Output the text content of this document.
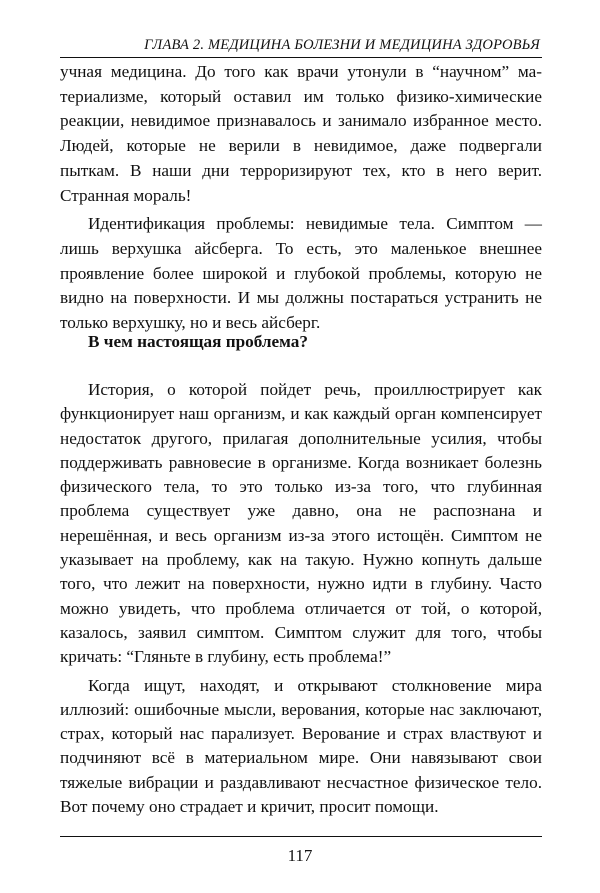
ГЛАВА 2. МЕДИЦИНА БОЛЕЗНИ И МЕДИЦИНА ЗДОРОВЬЯ

учная медицина. До того как врачи утонули в “научном” материализме, который оставил им только физико-химические реакции, невидимое признавалось и занимало избранное место. Людей, которые не верили в невидимое, даже подвергали пыткам. В наши дни терроризируют тех, кто в него верит. Странная мораль!

Идентификация проблемы: невидимые тела. Симптом — лишь верхушка айсберга. То есть, это маленькое внешнее проявление более широкой и глубокой проблемы, которую не видно на поверхности. И мы должны постараться устранить не только верхушку, но и весь айсберг.

В чем настоящая проблема?

История, о которой пойдет речь, проиллюстрирует как функционирует наш организм, и как каждый орган компенсирует недостаток другого, прилагая дополнительные усилия, чтобы поддерживать равновесие в организме. Когда возникает болезнь физического тела, то это только из-за того, что глубинная проблема существует уже давно, она не распознана и нерешённая, и весь организм из-за этого истощён. Симптом не указывает на проблему, как на такую. Нужно копнуть дальше того, что лежит на поверхности, нужно идти в глубину. Часто можно увидеть, что проблема отличается от той, о которой, казалось, заявил симптом. Симптом служит для того, чтобы кричать: “Гляньте в глубину, есть проблема!”

Когда ищут, находят, и открывают столкновение мира иллюзий: ошибочные мысли, верования, которые нас заключают, страх, который нас парализует. Верование и страх властвуют и подчиняют всё в материальном мире. Они навязывают свои тяжелые вибрации и раздавливают несчастное физическое тело. Вот почему оно страдает и кричит, просит помощи.

117
